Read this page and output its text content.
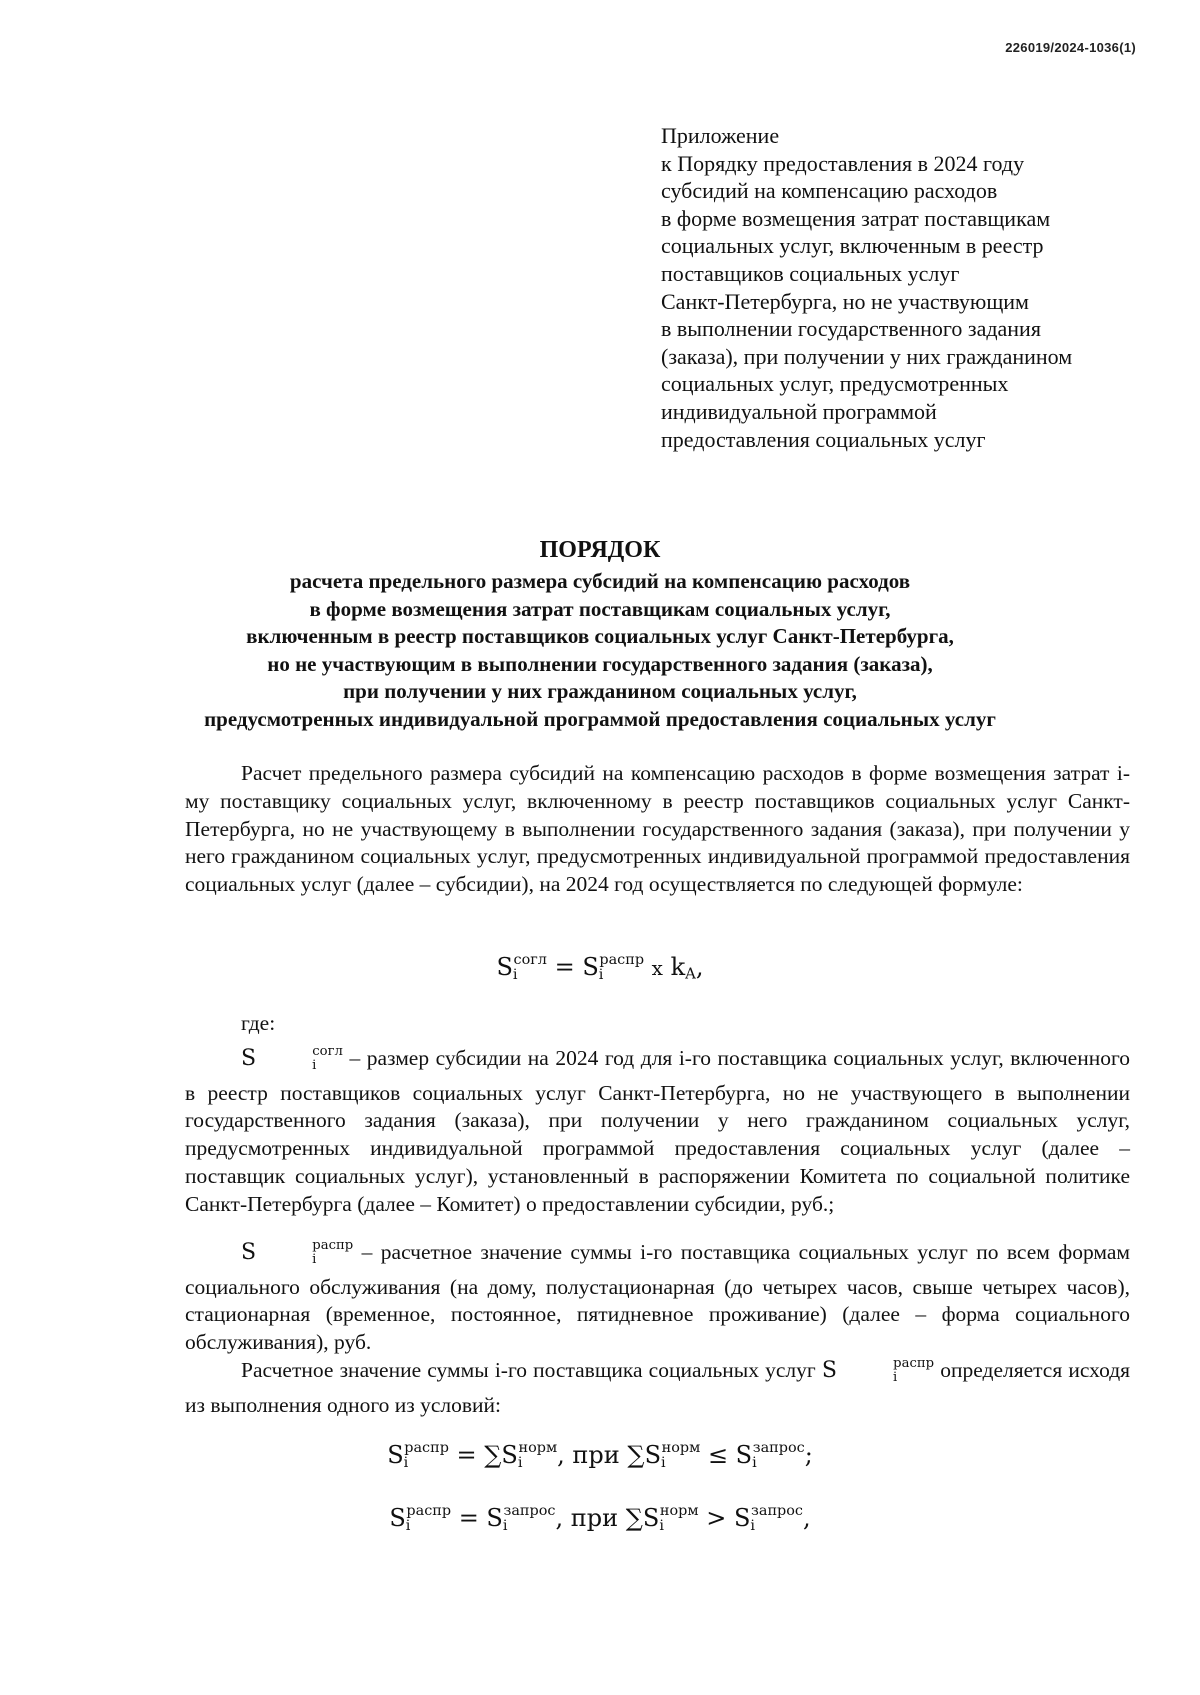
226019/2024-1036(1)
Приложение
к Порядку предоставления в 2024 году
субсидий на компенсацию расходов
в форме возмещения затрат поставщикам
социальных услуг, включенным в реестр
поставщиков социальных услуг
Санкт-Петербурга, но не участвующим
в выполнении государственного задания
(заказа), при получении у них гражданином
социальных услуг, предусмотренных
индивидуальной программой
предоставления социальных услуг
ПОРЯДОК
расчета предельного размера субсидий на компенсацию расходов
в форме возмещения затрат поставщикам социальных услуг,
включенным в реестр поставщиков социальных услуг Санкт-Петербурга,
но не участвующим в выполнении государственного задания (заказа),
при получении у них гражданином социальных услуг,
предусмотренных индивидуальной программой предоставления социальных услуг
Расчет предельного размера субсидий на компенсацию расходов в форме возмещения затрат i-му поставщику социальных услуг, включенному в реестр поставщиков социальных услуг Санкт-Петербурга, но не участвующему в выполнении государственного задания (заказа), при получении у него гражданином социальных услуг, предусмотренных индивидуальной программой предоставления социальных услуг (далее – субсидии), на 2024 год осуществляется по следующей формуле:
$Si^{согл} = Si^{распр}$ x $k_A$,
где:
S	$i^{согл}$ – размер субсидии на 2024 год для i-го поставщика социальных услуг, включенного в реестр поставщиков социальных услуг Санкт-Петербурга, но не участвующего в выполнении государственного задания (заказа), при получении у него гражданином социальных услуг, предусмотренных индивидуальной программой предоставления социальных услуг (далее – поставщик социальных услуг), установленный в распоряжении Комитета по социальной политике Санкт-Петербурга (далее – Комитет) о предоставлении субсидии, руб.;
S	$i^{распр}$ – расчетное значение суммы i-го поставщика социальных услуг по всем формам социального обслуживания (на дому, полустационарная (до четырех часов, свыше четырех часов), стационарная (временное, постоянное, пятидневное проживание) (далее – форма социального обслуживания), руб.
Расчетное значение суммы i-го поставщика социальных услуг S	$i^{распр}$ определяется исходя из выполнения одного из условий:
$Si^{распр} = \sum Si^{норм}$, при $\sum Si^{норм} \le Si^{запрос}$;
$Si^{распр} = Si^{запрос}$, при $\sum Si^{норм} > Si^{запрос}$,
